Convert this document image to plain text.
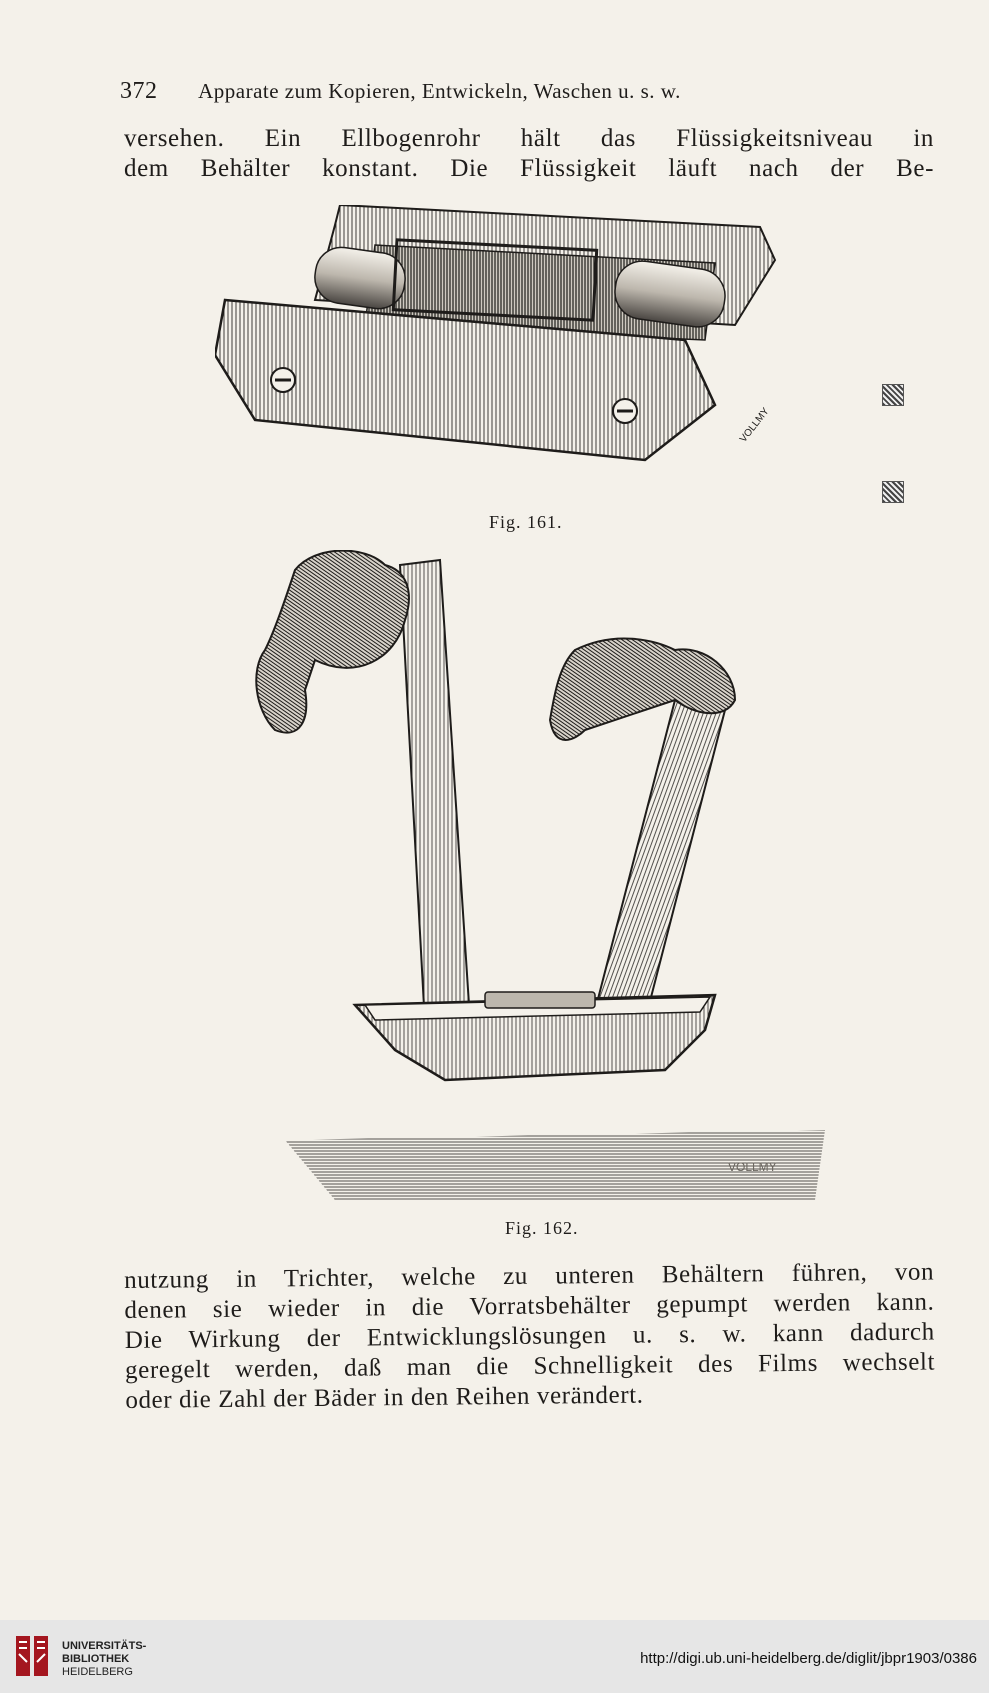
372 Apparate zum Kopieren, Entwickeln, Waschen u. s. w.
versehen. Ein Ellbogenrohr hält das Flüssigkeitsniveau in
dem Behälter konstant. Die Flüssigkeit läuft nach der Be-
VOLLMY
Fig. 161.
VOLLMY
Fig. 162.
nutzung in Trichter, welche zu unteren Behältern führen, von
denen sie wieder in die Vorratsbehälter gepumpt werden kann.
Die Wirkung der Entwicklungslösungen u. s. w. kann dadurch
geregelt werden, daß man die Schnelligkeit des Films wechselt
oder die Zahl der Bäder in den Reihen verändert.
UNIVERSITÄTS-
BIBLIOTHEK
HEIDELBERG
http://digi.ub.uni-heidelberg.de/diglit/jbpr1903/0386
